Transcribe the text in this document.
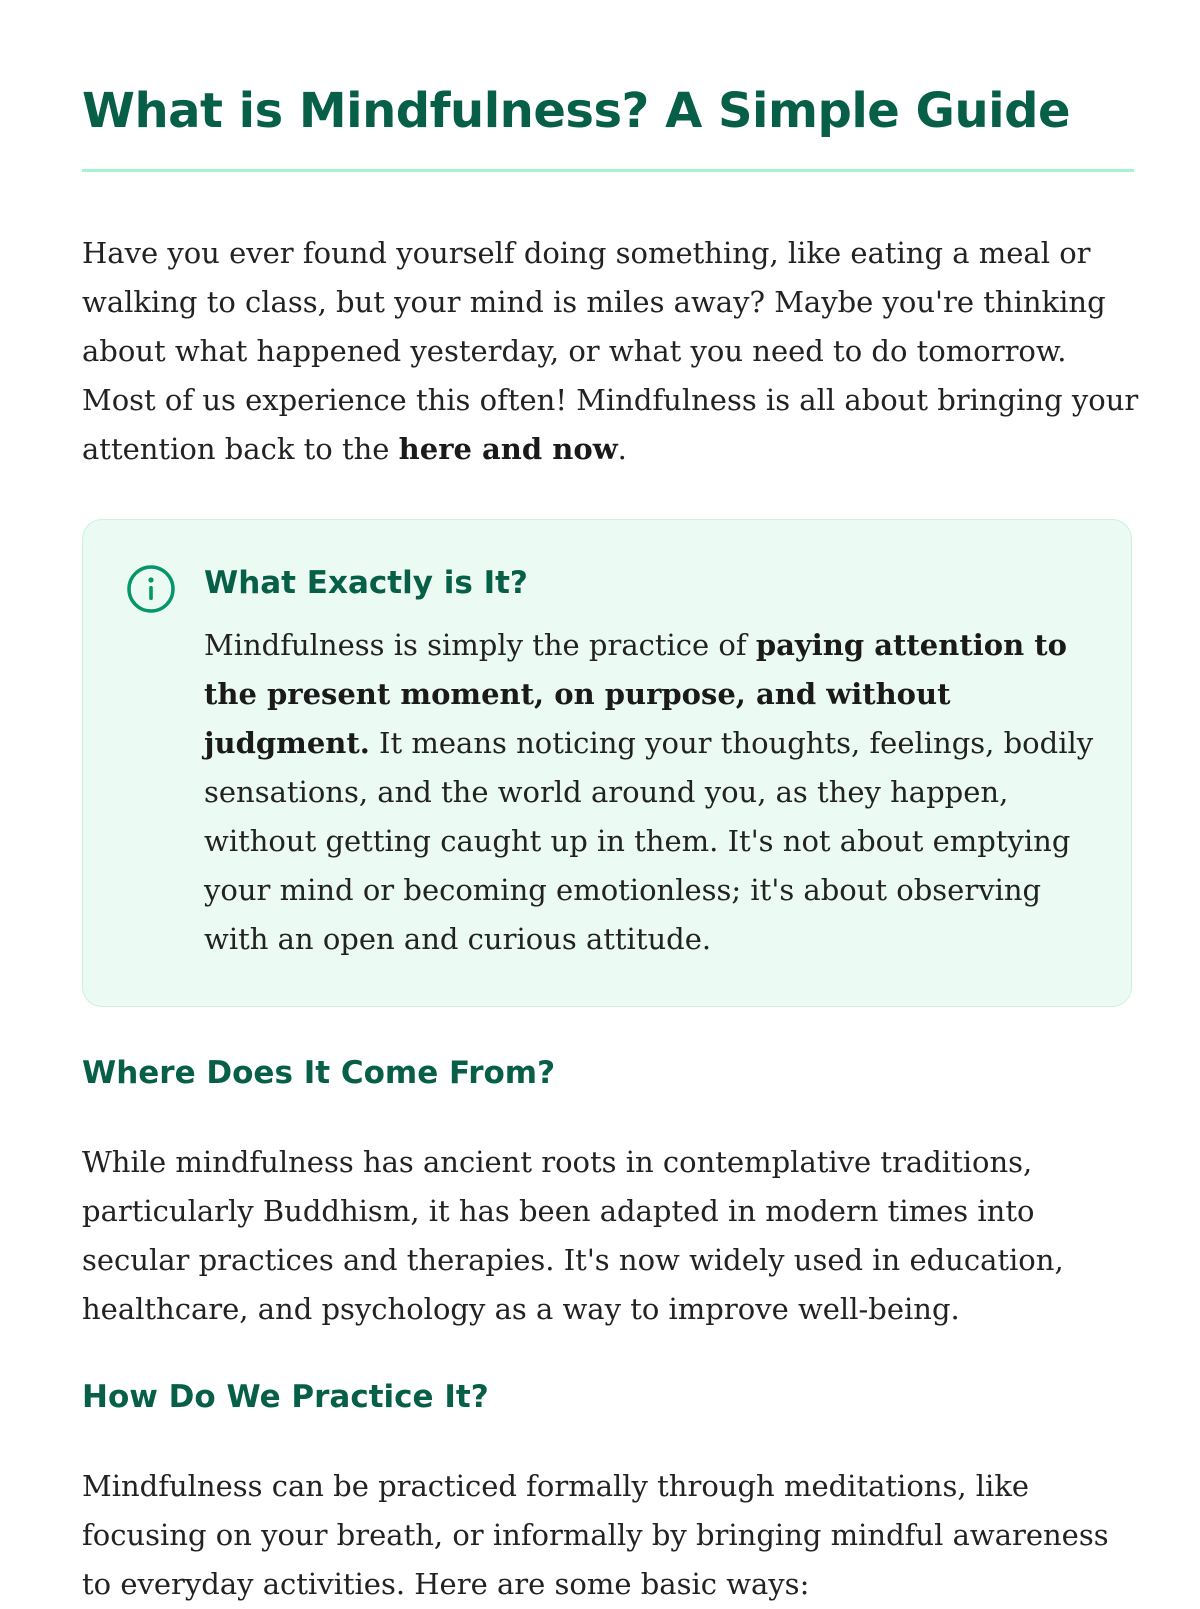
What is Mindfulness? A Simple Guide

Have you ever found yourself doing something, like eating a meal or walking to class, but your mind is miles away? Maybe you're thinking about what happened yesterday, or what you need to do tomorrow. Most of us experience this often! Mindfulness is all about bringing your attention back to the here and now.

What Exactly is It?

Mindfulness is simply the practice of paying attention to the present moment, on purpose, and without judgment. It means noticing your thoughts, feelings, bodily sensations, and the world around you, as they happen, without getting caught up in them. It's not about emptying your mind or becoming emotionless; it's about observing with an open and curious attitude.

Where Does It Come From?

While mindfulness has ancient roots in contemplative traditions, particularly Buddhism, it has been adapted in modern times into secular practices and therapies. It's now widely used in education, healthcare, and psychology as a way to improve well-being.

How Do We Practice It?

Mindfulness can be practiced formally through meditations, like focusing on your breath, or informally by bringing mindful awareness to everyday activities. Here are some basic ways:
